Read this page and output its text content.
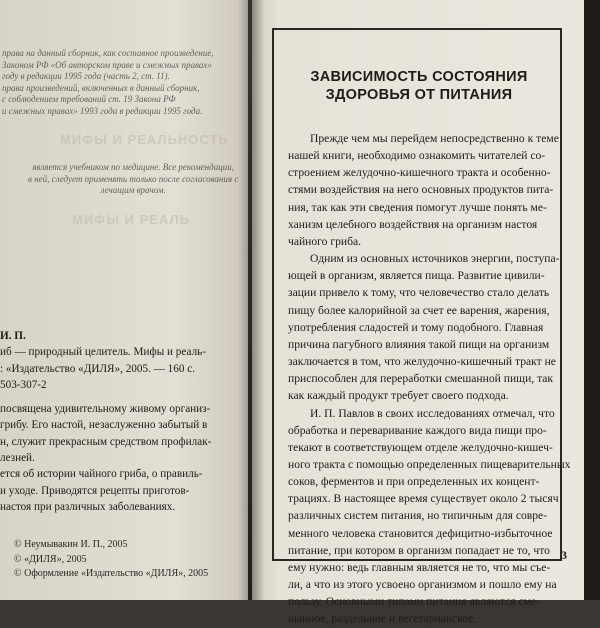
МИФЫ И РЕАЛЬНОСТЬ
МИФЫ И РЕАЛЬ
права на данный сборник, как составное произведение,
Законом РФ «Об авторском праве и смежных правах»
году в редакции 1995 года (часть 2, ст. 11).
права произведений, включенных в данный сборник,
с соблюдением требований ст. 19 Закона РФ
и смежных правах» 1993 года в редакции 1995 года.
является учебником по медицине. Все рекомендации,
в ней, следует применять только после согласования с
лечащим врачом.
И. П.
иб — природный целитель. Мифы и реаль-
: «Издательство «ДИЛЯ», 2005. — 160 с.
503-307-2
посвящена удивительному живому организ-
грибу. Его настой, незаслуженно забытый в
н, служит прекрасным средством профилак-
лезней.
ется об истории чайного гриба, о правиль-
и уходе. Приводятся рецепты приготов-
настоя при различных заболеваниях.
© Неумывакин И. П., 2005
© «ДИЛЯ», 2005
© Оформление «Издательство «ДИЛЯ», 2005
ЗАВИСИМОСТЬ СОСТОЯНИЯ
ЗДОРОВЬЯ ОТ ПИТАНИЯ

Прежде чем мы перейдем непосредственно к теме
нашей книги, необходимо ознакомить читателей со-
строением желудочно-кишечного тракта и особенно-
стями воздействия на него основных продуктов пита-
ния, так как эти сведения помогут лучше понять ме-
ханизм целебного воздействия на организм настоя
чайного гриба.

Одним из основных источников энергии, поступа-
ющей в организм, является пища. Развитие цивили-
зации привело к тому, что человечество стало делать
пищу более калорийной за счет ее варения, жарения,
употребления сладостей и тому подобного. Главная
причина пагубного влияния такой пищи на организм
заключается в том, что желудочно-кишечный тракт не
приспособлен для переработки смешанной пищи, так
как каждый продукт требует своего подхода.

И. П. Павлов в своих исследованиях отмечал, что
обработка и переваривание каждого вида пищи про-
текают в соответствующем отделе желудочно-кишеч-
ного тракта с помощью определенных пищеварительных
соков, ферментов и при определенных их концент-
трациях. В настоящее время существует около 2 тысяч
различных систем питания, но типичным для совре-
менного человека становится дефицитно-избыточное
питание, при котором в организм попадает не то, что
ему нужно: ведь главным является не то, что мы съе-
ли, а что из этого усвоено организмом и пошло ему на
пользу. Основными типами питания являются сме-
шанное, раздельное и вегетарианское.

3
